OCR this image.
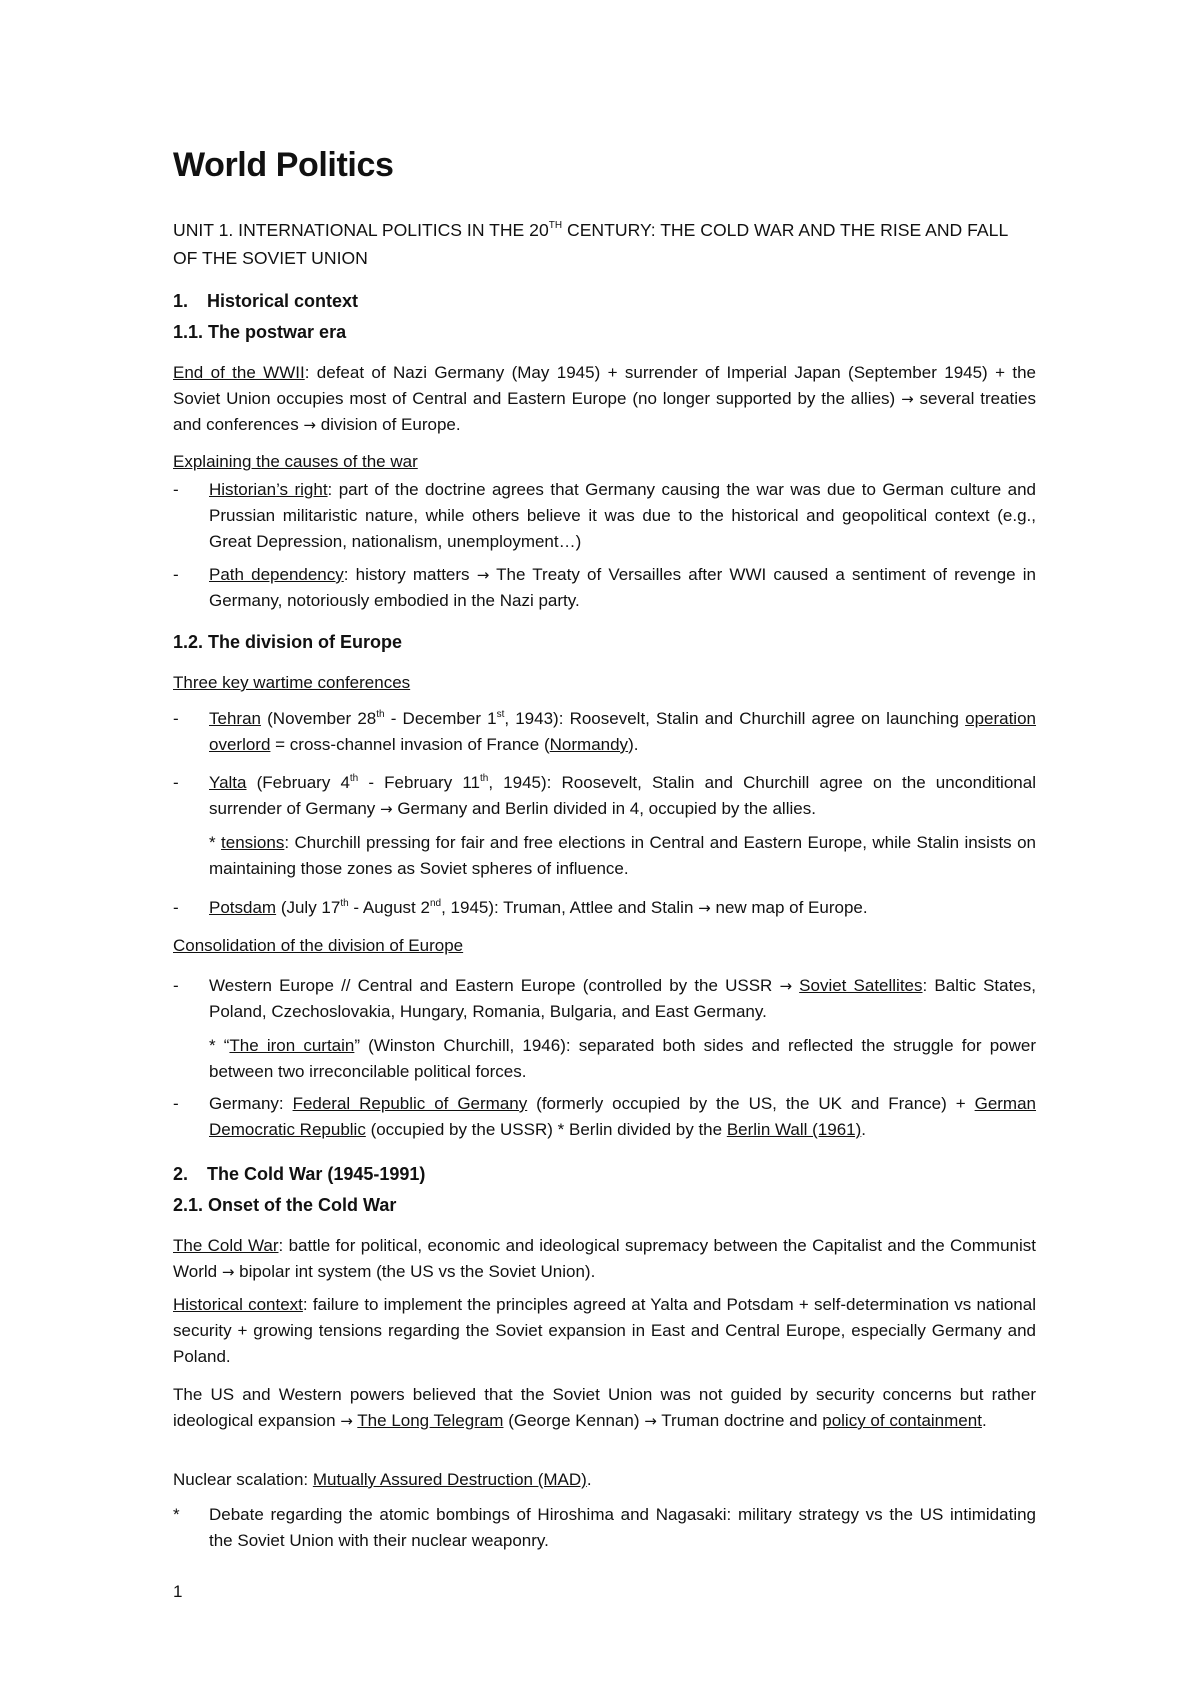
World Politics
UNIT 1. INTERNATIONAL POLITICS IN THE 20TH CENTURY: THE COLD WAR AND THE RISE AND FALL OF THE SOVIET UNION
1. Historical context
1.1. The postwar era
End of the WWII: defeat of Nazi Germany (May 1945) + surrender of Imperial Japan (September 1945) + the Soviet Union occupies most of Central and Eastern Europe (no longer supported by the allies) → several treaties and conferences → division of Europe.
Explaining the causes of the war
-	Historian’s right: part of the doctrine agrees that Germany causing the war was due to German culture and Prussian militaristic nature, while others believe it was due to the historical and geopolitical context (e.g., Great Depression, nationalism, unemployment…)
-	Path dependency: history matters → The Treaty of Versailles after WWI caused a sentiment of revenge in Germany, notoriously embodied in the Nazi party.
1.2. The division of Europe
Three key wartime conferences
-	Tehran (November 28th - December 1st, 1943): Roosevelt, Stalin and Churchill agree on launching operation overlord = cross-channel invasion of France (Normandy).
-	Yalta (February 4th - February 11th, 1945): Roosevelt, Stalin and Churchill agree on the unconditional surrender of Germany → Germany and Berlin divided in 4, occupied by the allies.
* tensions: Churchill pressing for fair and free elections in Central and Eastern Europe, while Stalin insists on maintaining those zones as Soviet spheres of influence.
-	Potsdam (July 17th - August 2nd, 1945): Truman, Attlee and Stalin → new map of Europe.
Consolidation of the division of Europe
-	Western Europe // Central and Eastern Europe (controlled by the USSR → Soviet Satellites: Baltic States, Poland, Czechoslovakia, Hungary, Romania, Bulgaria, and East Germany.
* “The iron curtain” (Winston Churchill, 1946): separated both sides and reflected the struggle for power between two irreconcilable political forces.
-	Germany: Federal Republic of Germany (formerly occupied by the US, the UK and France) + German Democratic Republic (occupied by the USSR) * Berlin divided by the Berlin Wall (1961).
2. The Cold War (1945-1991)
2.1. Onset of the Cold War
The Cold War: battle for political, economic and ideological supremacy between the Capitalist and the Communist World → bipolar int system (the US vs the Soviet Union).
Historical context: failure to implement the principles agreed at Yalta and Potsdam + self-determination vs national security + growing tensions regarding the Soviet expansion in East and Central Europe, especially Germany and Poland.
The US and Western powers believed that the Soviet Union was not guided by security concerns but rather ideological expansion → The Long Telegram (George Kennan) → Truman doctrine and policy of containment.
Nuclear scalation: Mutually Assured Destruction (MAD).
*	Debate regarding the atomic bombings of Hiroshima and Nagasaki: military strategy vs the US intimidating the Soviet Union with their nuclear weaponry.
1
